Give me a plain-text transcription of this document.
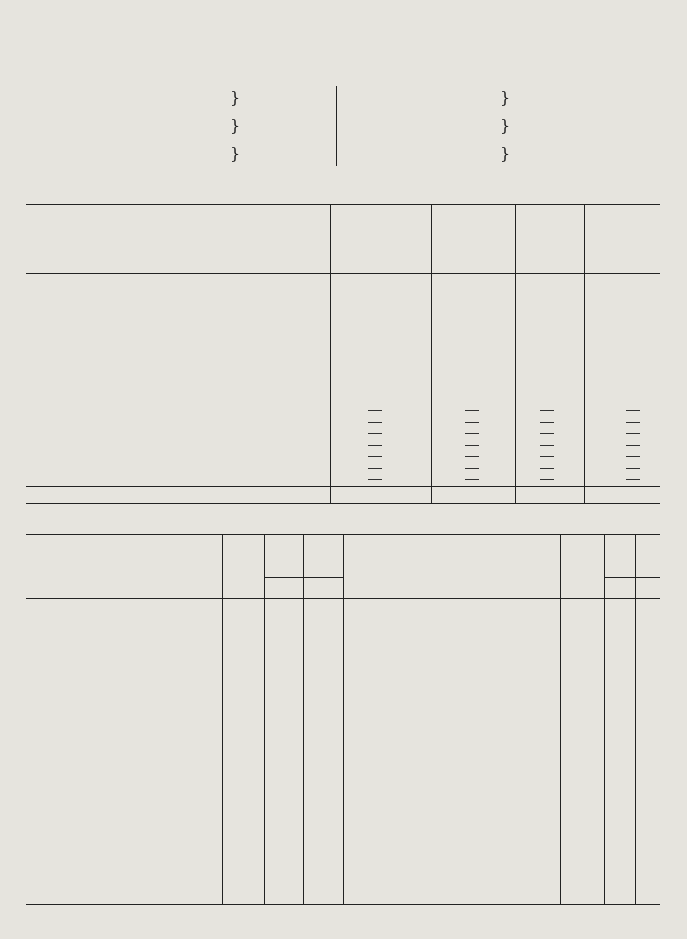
}
}
}
}
}
}
